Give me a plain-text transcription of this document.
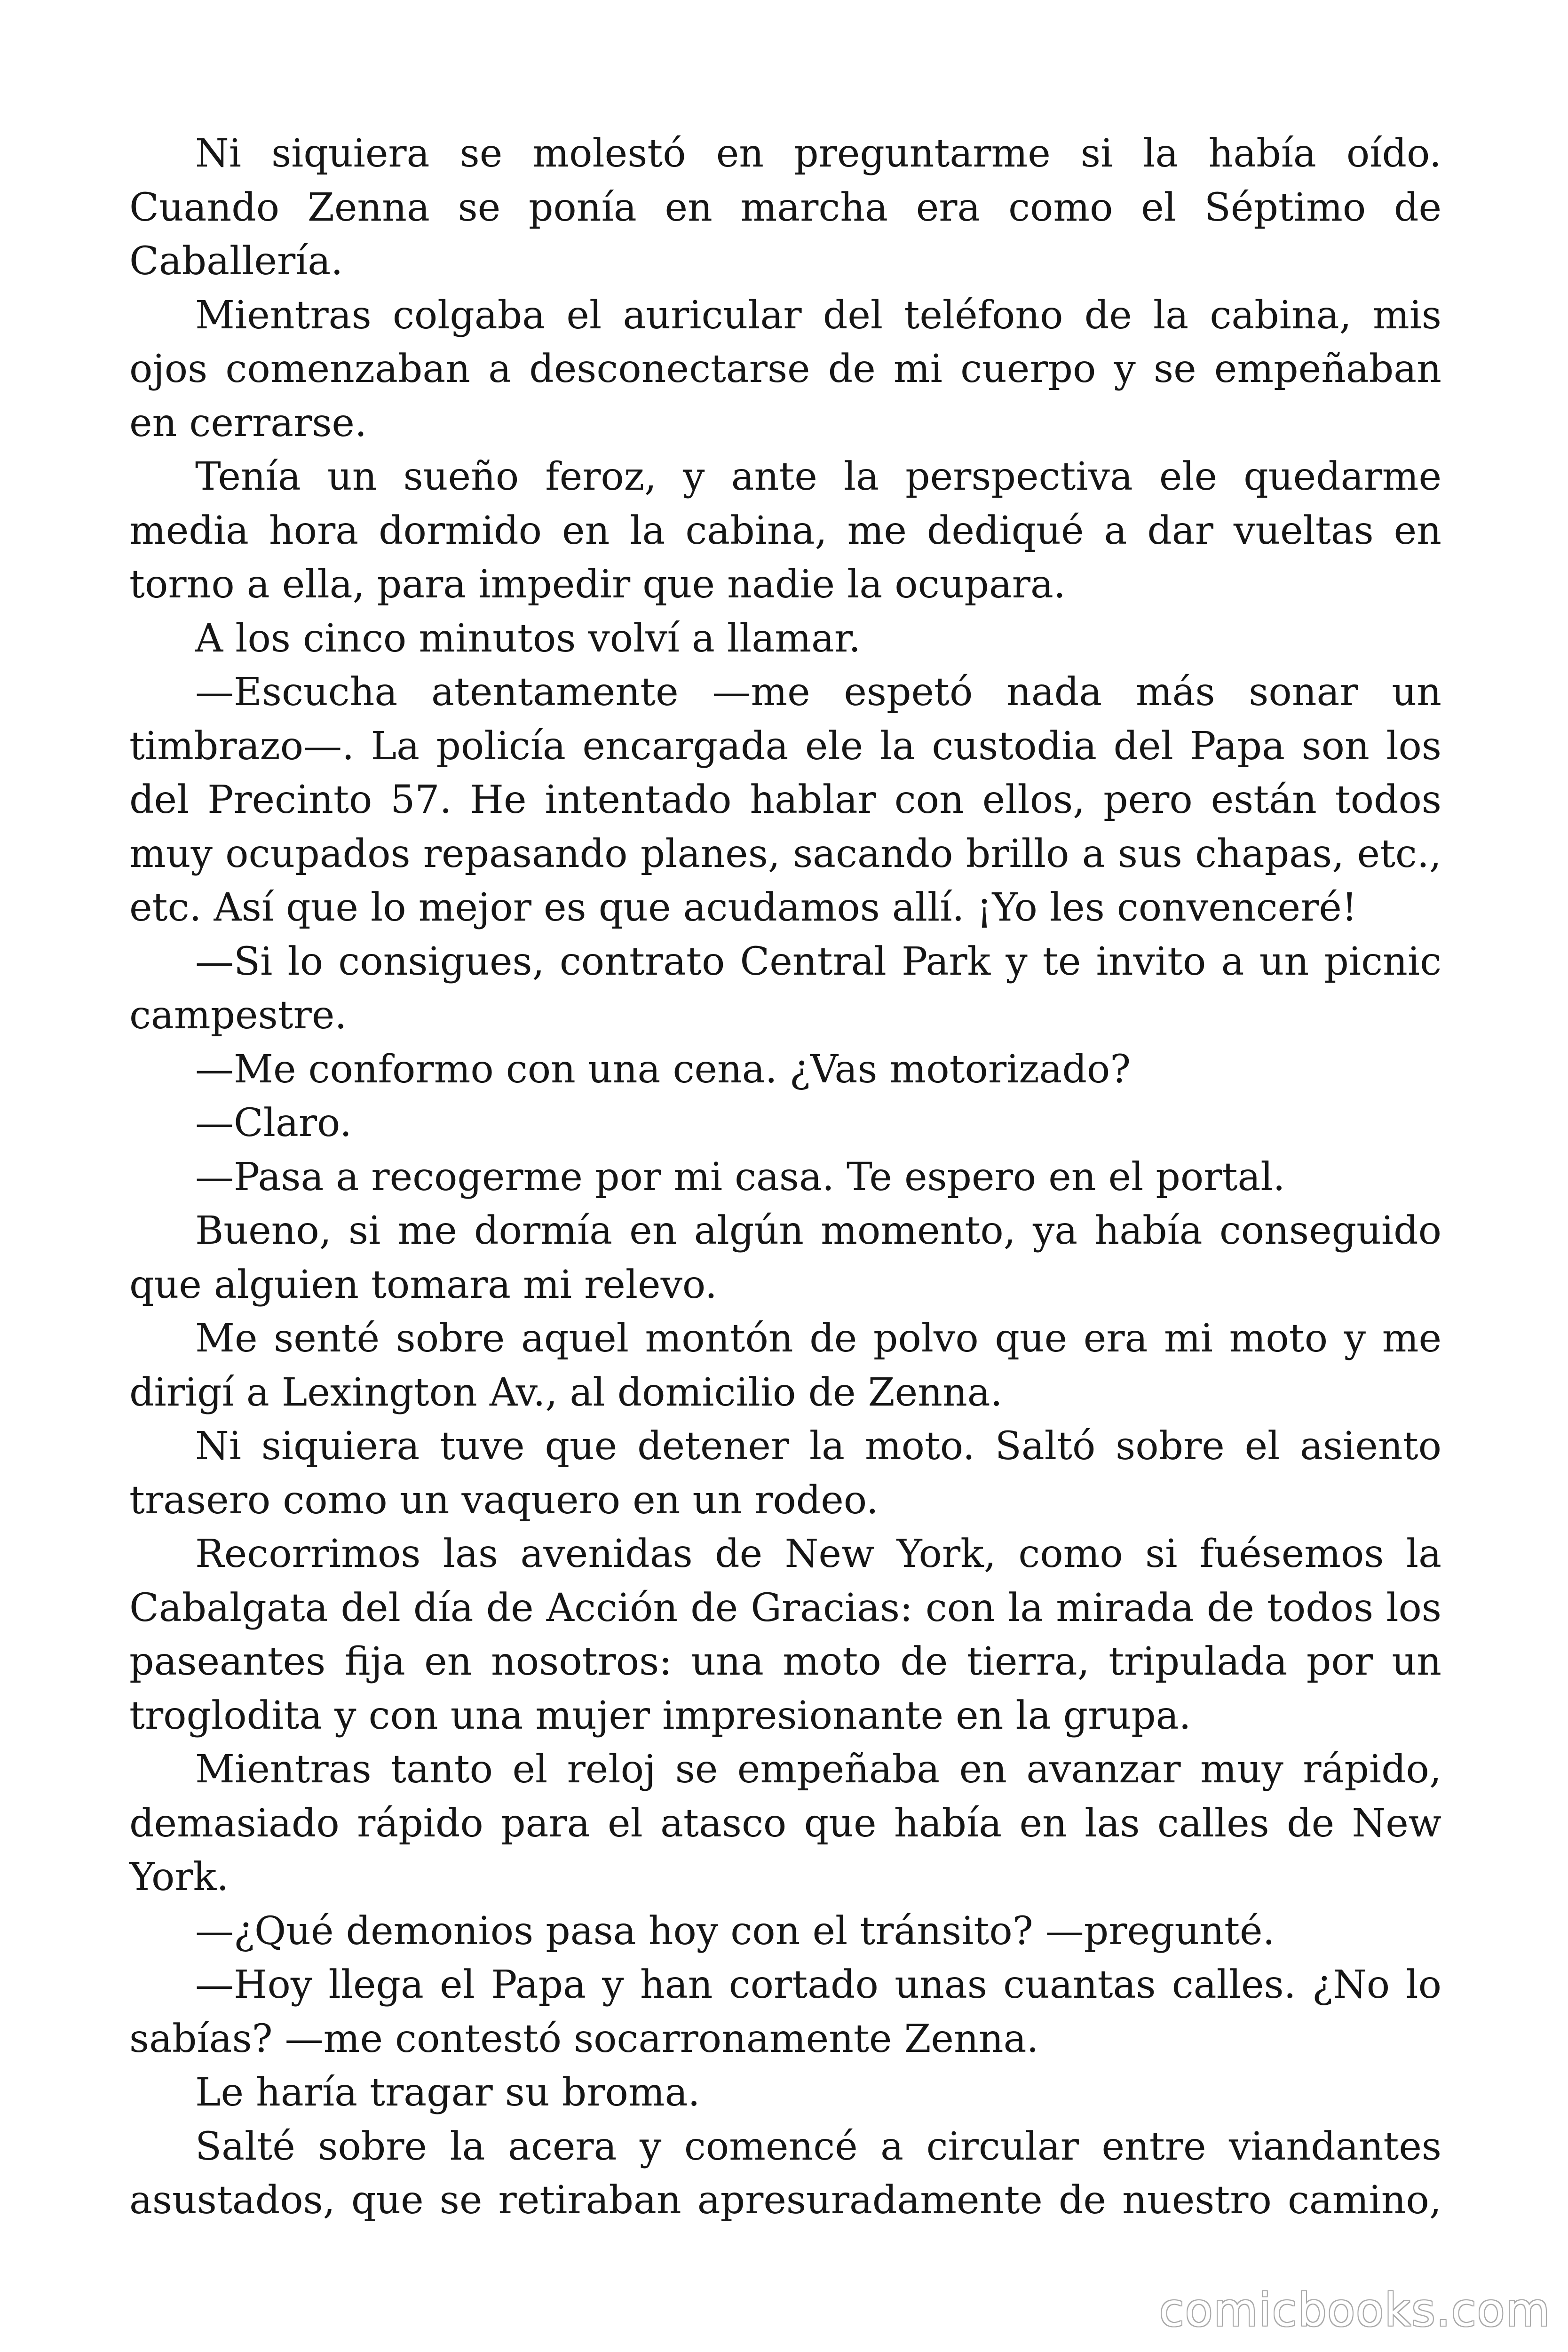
Ni siquiera se molestó en preguntarme si la había oído. Cuando Zenna se ponía en marcha era como el Séptimo de Caballería.

Mientras colgaba el auricular del teléfono de la cabina, mis ojos comenzaban a desconectarse de mi cuerpo y se empeñaban en cerrarse.

Tenía un sueño feroz, y ante la perspectiva ele quedarme media hora dormido en la cabina, me dediqué a dar vueltas en torno a ella, para impedir que nadie la ocupara.

A los cinco minutos volví a llamar.

—Escucha atentamente —me espetó nada más sonar un timbrazo—. La policía encargada ele la custodia del Papa son los del Precinto 57. He intentado hablar con ellos, pero están todos muy ocupados repasando planes, sacando brillo a sus chapas, etc., etc. Así que lo mejor es que acudamos allí. ¡Yo les convenceré!

—Si lo consigues, contrato Central Park y te invito a un picnic campestre.

—Me conformo con una cena. ¿Vas motorizado?

—Claro.

—Pasa a recogerme por mi casa. Te espero en el portal.

Bueno, si me dormía en algún momento, ya había conseguido que alguien tomara mi relevo.

Me senté sobre aquel montón de polvo que era mi moto y me dirigí a Lexington Av., al domicilio de Zenna.

Ni siquiera tuve que detener la moto. Saltó sobre el asiento trasero como un vaquero en un rodeo.

Recorrimos las avenidas de New York, como si fuésemos la Cabalgata del día de Acción de Gracias: con la mirada de todos los paseantes fija en nosotros: una moto de tierra, tripulada por un troglodita y con una mujer impresionante en la grupa.

Mientras tanto el reloj se empeñaba en avanzar muy rápido, demasiado rápido para el atasco que había en las calles de New York.

—¿Qué demonios pasa hoy con el tránsito? —pregunté.

—Hoy llega el Papa y han cortado unas cuantas calles. ¿No lo sabías? —me contestó socarronamente Zenna.

Le haría tragar su broma.

Salté sobre la acera y comencé a circular entre viandantes asustados, que se retiraban apresuradamente de nuestro camino,

comicbooks.com
